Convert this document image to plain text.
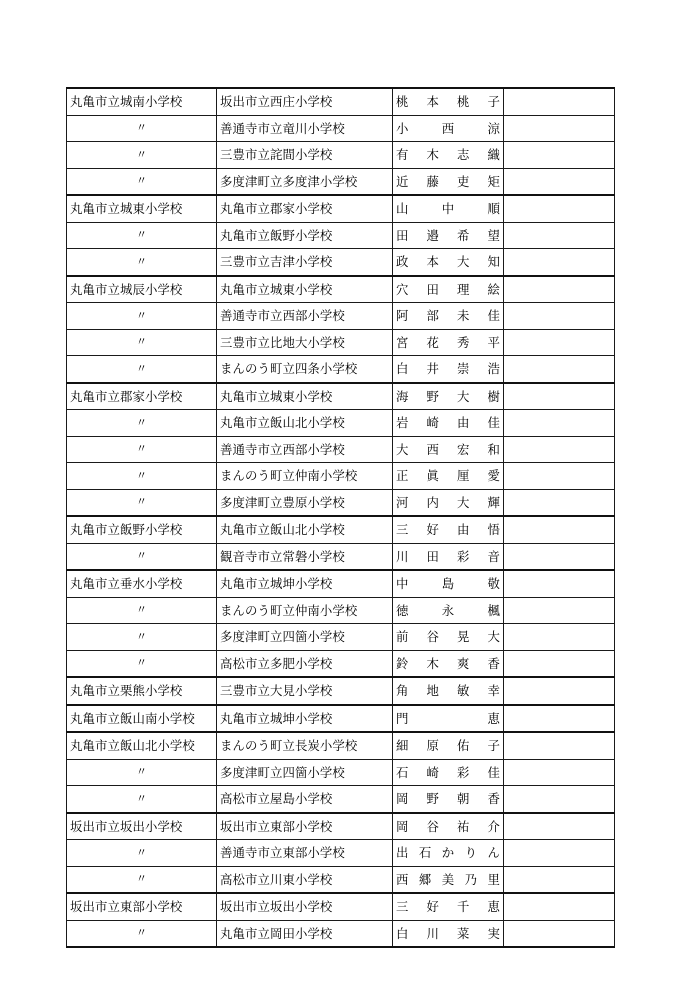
丸亀市立城南小学校	坂出市立西庄小学校	桃本桃子	

〃	善通寺市立竜川小学校	小西涼	

〃	三豊市立詫間小学校	有木志織	

〃	多度津町立多度津小学校	近藤吏矩	

丸亀市立城東小学校	丸亀市立郡家小学校	山中順	

〃	丸亀市立飯野小学校	田邉希望	

〃	三豊市立吉津小学校	政本大知	

丸亀市立城辰小学校	丸亀市立城東小学校	穴田理絵	

〃	善通寺市立西部小学校	阿部未佳	

〃	三豊市立比地大小学校	宮花秀平	

〃	まんのう町立四条小学校	白井崇浩	

丸亀市立郡家小学校	丸亀市立城東小学校	海野大樹	

〃	丸亀市立飯山北小学校	岩崎由佳	

〃	善通寺市立西部小学校	大西宏和	

〃	まんのう町立仲南小学校	正眞厘愛	

〃	多度津町立豊原小学校	河内大輝	

丸亀市立飯野小学校	丸亀市立飯山北小学校	三好由悟	

〃	観音寺市立常磐小学校	川田彩音	

丸亀市立垂水小学校	丸亀市立城坤小学校	中島敬	

〃	まんのう町立仲南小学校	徳永楓	

〃	多度津町立四箇小学校	前谷晃大	

〃	高松市立多肥小学校	鈴木爽香	

丸亀市立栗熊小学校	三豊市立大見小学校	角地敏幸	

丸亀市立飯山南小学校	丸亀市立城坤小学校	門恵	

丸亀市立飯山北小学校	まんのう町立長炭小学校	細原佑子	

〃	多度津町立四箇小学校	石崎彩佳	

〃	高松市立屋島小学校	岡野朝香	

坂出市立坂出小学校	坂出市立東部小学校	岡谷祐介	

〃	善通寺市立東部小学校	出石かりん	

〃	高松市立川東小学校	西郷美乃里	

坂出市立東部小学校	坂出市立坂出小学校	三好千恵	

〃	丸亀市立岡田小学校	白川菜実	
